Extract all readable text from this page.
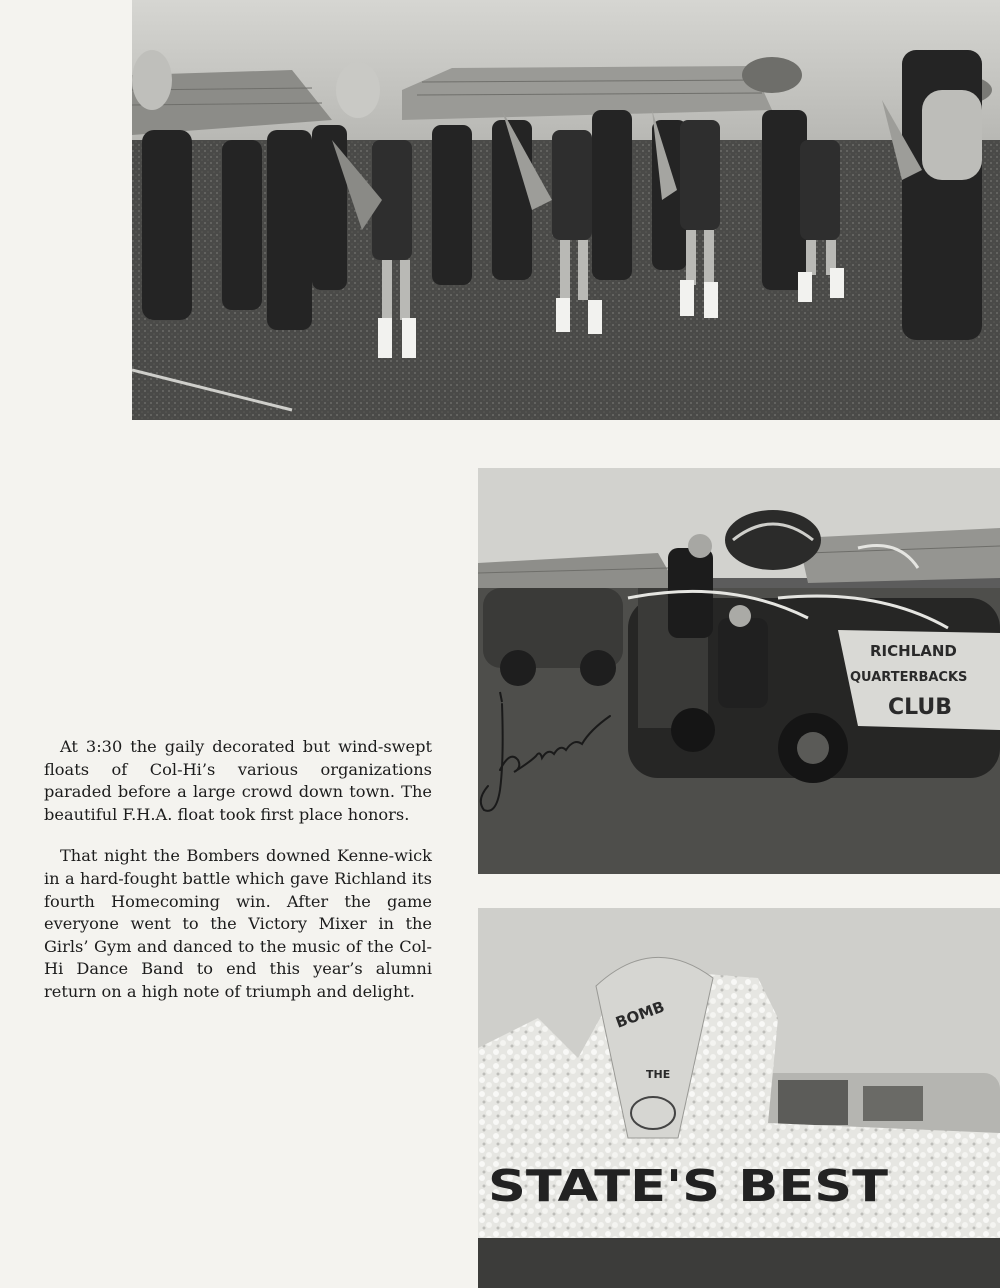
RICHLAND
QUARTERBACKS
CLUB
BOMB
THE
STATE'S BEST

At 3:30 the gaily decorated but wind-swept floats of Col-Hi’s various organizations paraded before a large crowd down town. The beautiful F.H.A. float took first place honors.

That night the Bombers downed Kenne-wick in a hard-fought battle which gave Richland its fourth Homecoming win. After the game everyone went to the Victory Mixer in the Girls’ Gym and danced to the music of the Col-Hi Dance Band to end this year’s alumni return on a high note of triumph and delight.
